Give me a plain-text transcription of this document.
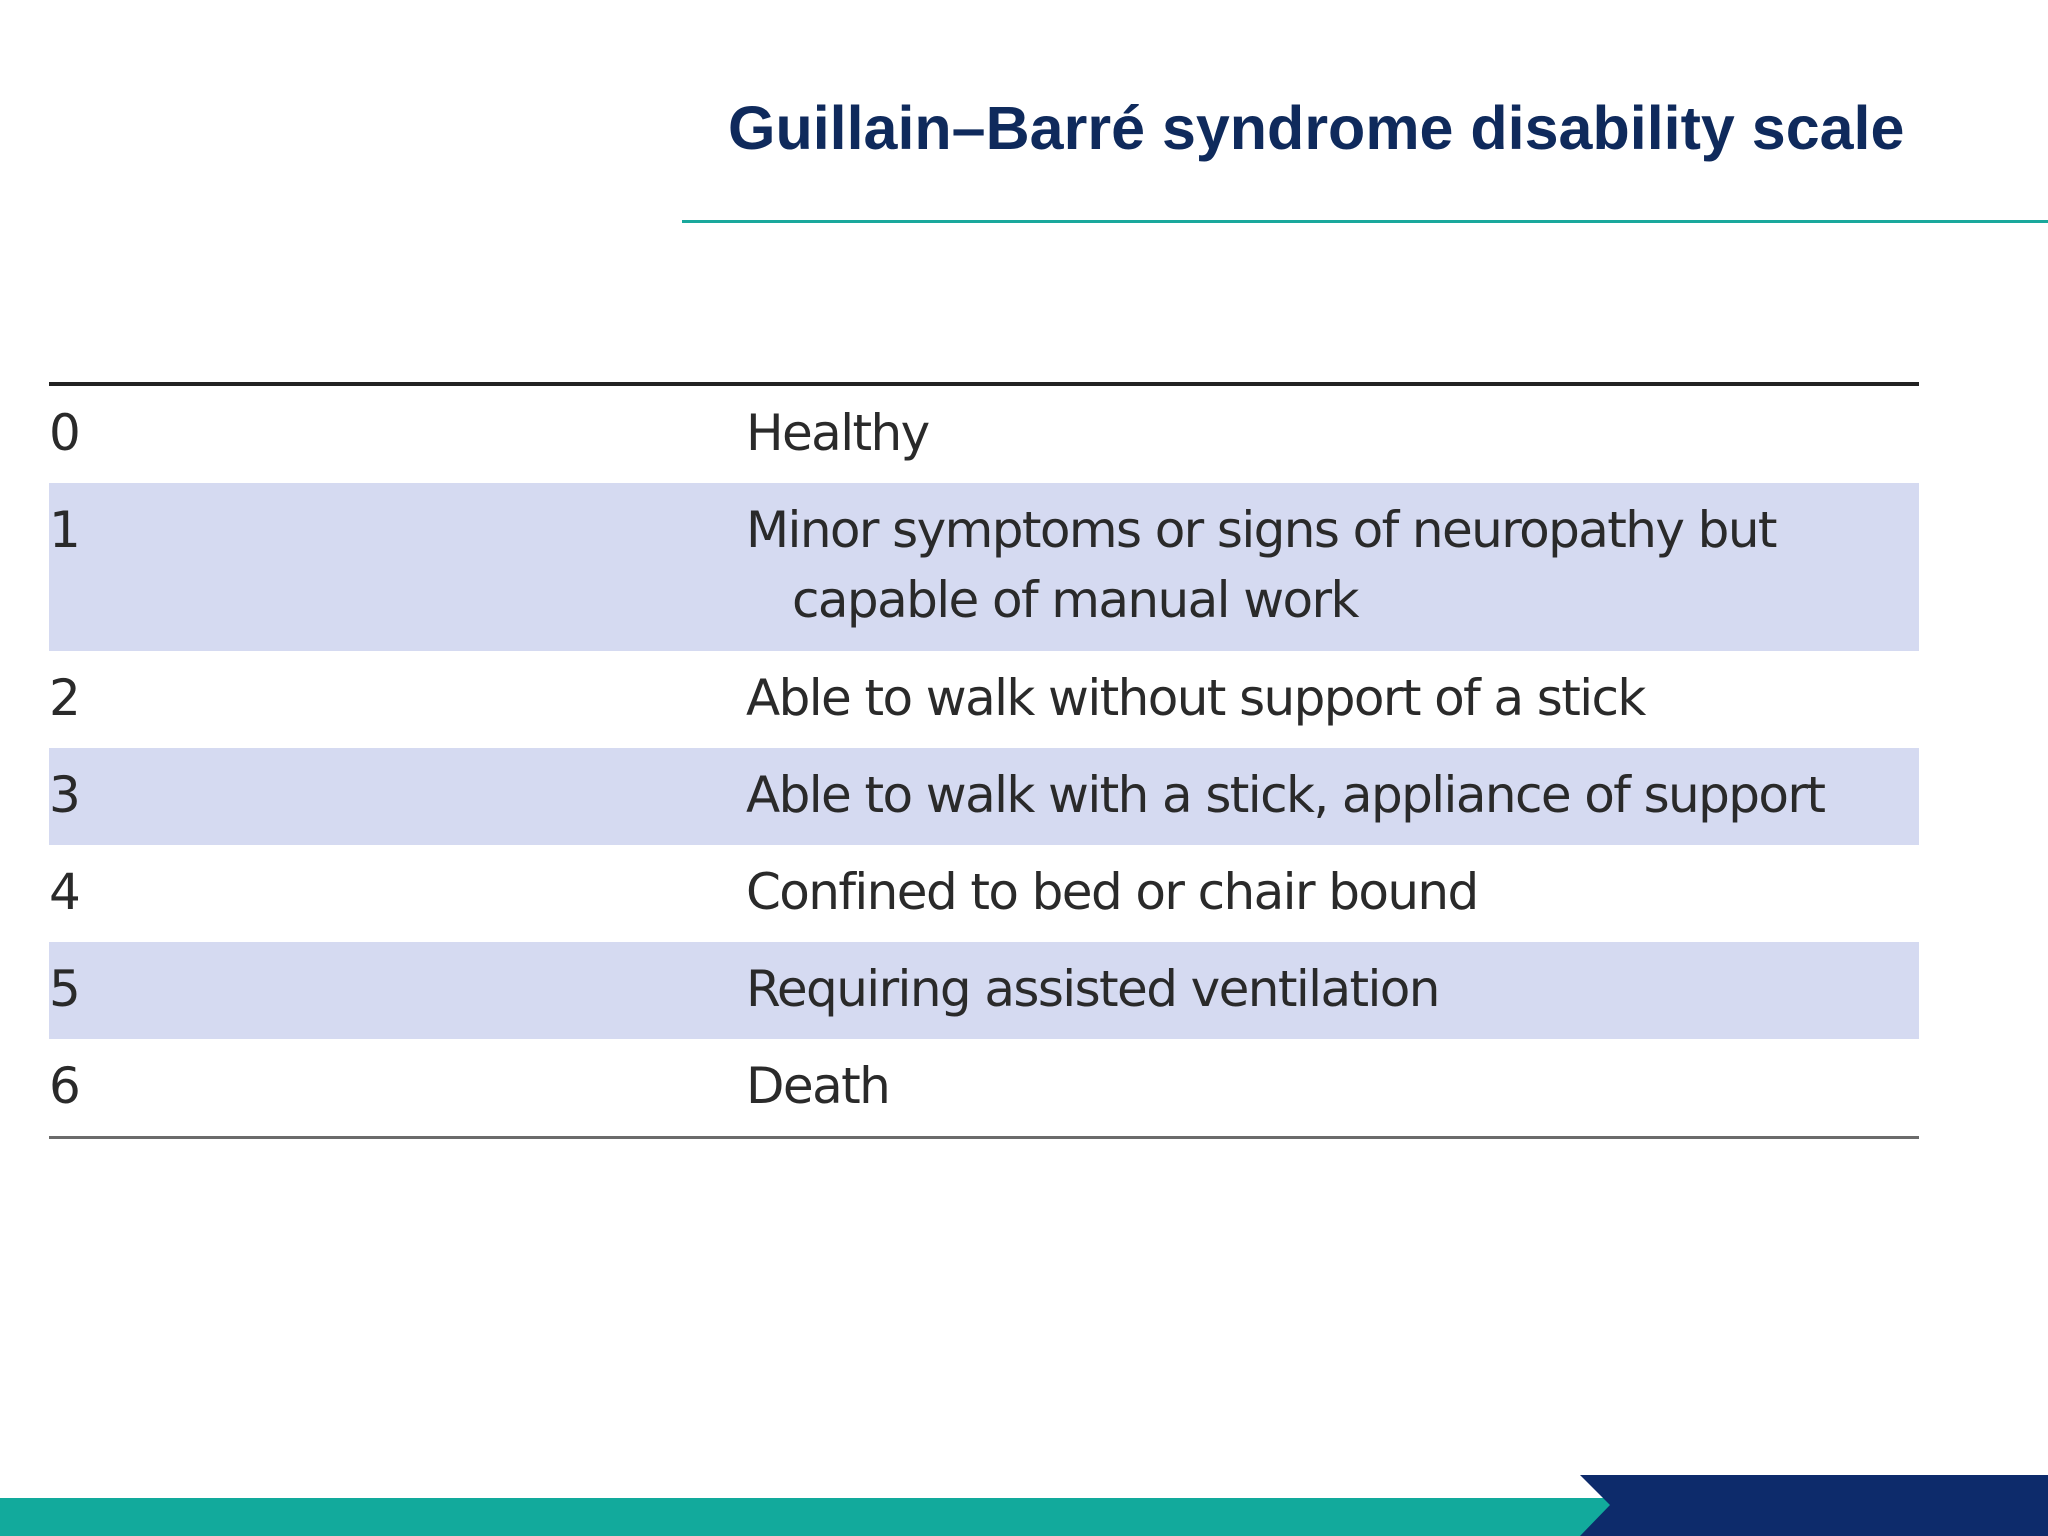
Guillain–Barré syndrome disability scale
0	Healthy
1	Minor symptoms or signs of neuropathy but
capable of manual work
2	Able to walk without support of a stick
3	Able to walk with a stick, appliance of support
4	Confined to bed or chair bound
5	Requiring assisted ventilation
6	Death
